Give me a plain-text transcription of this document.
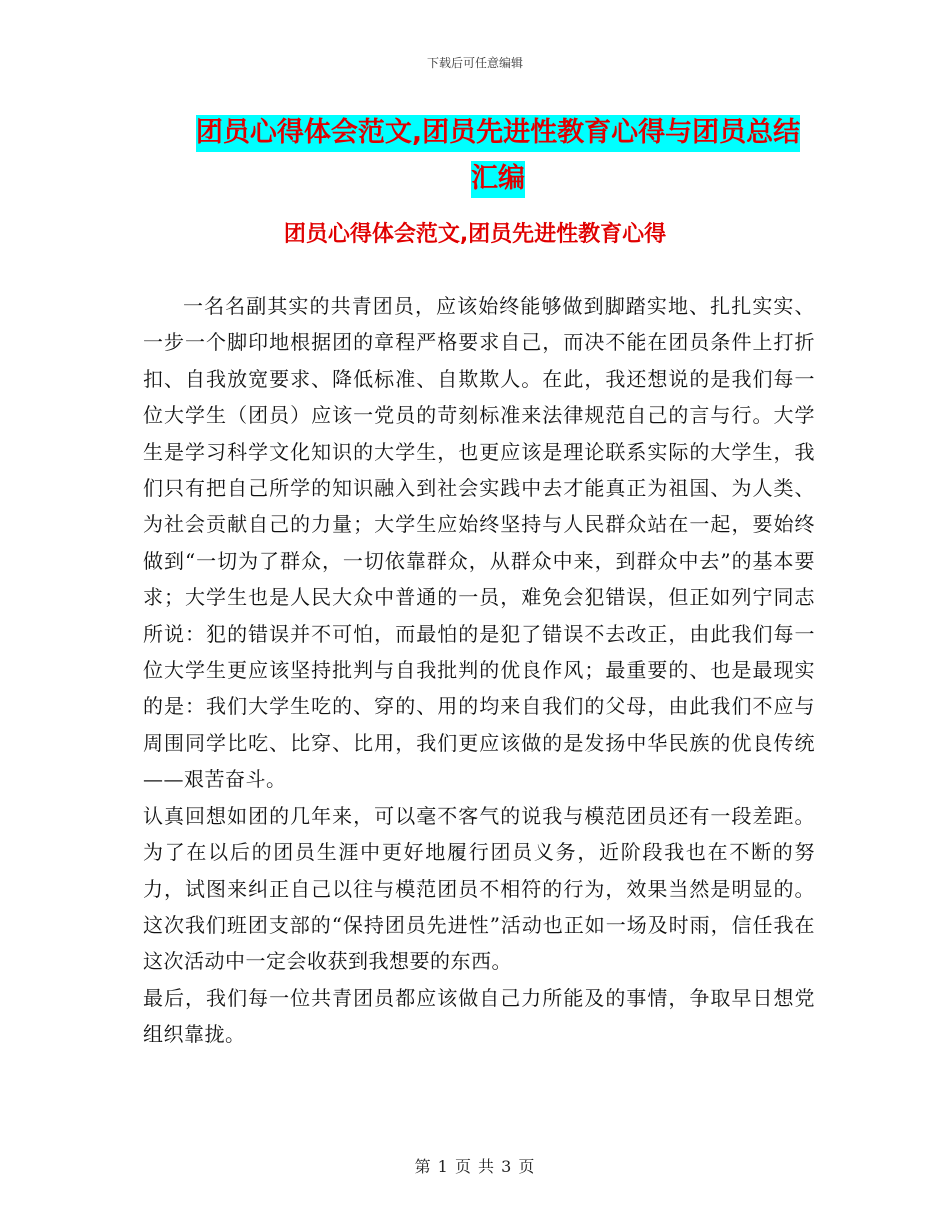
下载后可任意编辑
团员心得体会范文,团员先进性教育心得与团员总结汇编
团员心得体会范文,团员先进性教育心得

一名名副其实的共青团员，应该始终能够做到脚踏实地、扎扎实实、一步一个脚印地根据团的章程严格要求自己，而决不能在团员条件上打折扣、自我放宽要求、降低标准、自欺欺人。在此，我还想说的是我们每一位大学生（团员）应该一党员的苛刻标准来法律规范自己的言与行。大学生是学习科学文化知识的大学生，也更应该是理论联系实际的大学生，我们只有把自己所学的知识融入到社会实践中去才能真正为祖国、为人类、为社会贡献自己的力量；大学生应始终坚持与人民群众站在一起，要始终做到“一切为了群众，一切依靠群众，从群众中来，到群众中去”的基本要求；大学生也是人民大众中普通的一员，难免会犯错误，但正如列宁同志所说：犯的错误并不可怕，而最怕的是犯了错误不去改正，由此我们每一位大学生更应该坚持批判与自我批判的优良作风；最重要的、也是最现实的是：我们大学生吃的、穿的、用的均来自我们的父母，由此我们不应与周围同学比吃、比穿、比用，我们更应该做的是发扬中华民族的优良传统——艰苦奋斗。

认真回想如团的几年来，可以毫不客气的说我与模范团员还有一段差距。为了在以后的团员生涯中更好地履行团员义务，近阶段我也在不断的努力，试图来纠正自己以往与模范团员不相符的行为，效果当然是明显的。这次我们班团支部的“保持团员先进性”活动也正如一场及时雨，信任我在这次活动中一定会收获到我想要的东西。

最后，我们每一位共青团员都应该做自己力所能及的事情，争取早日想党组织靠拢。

第 1 页 共 3 页
